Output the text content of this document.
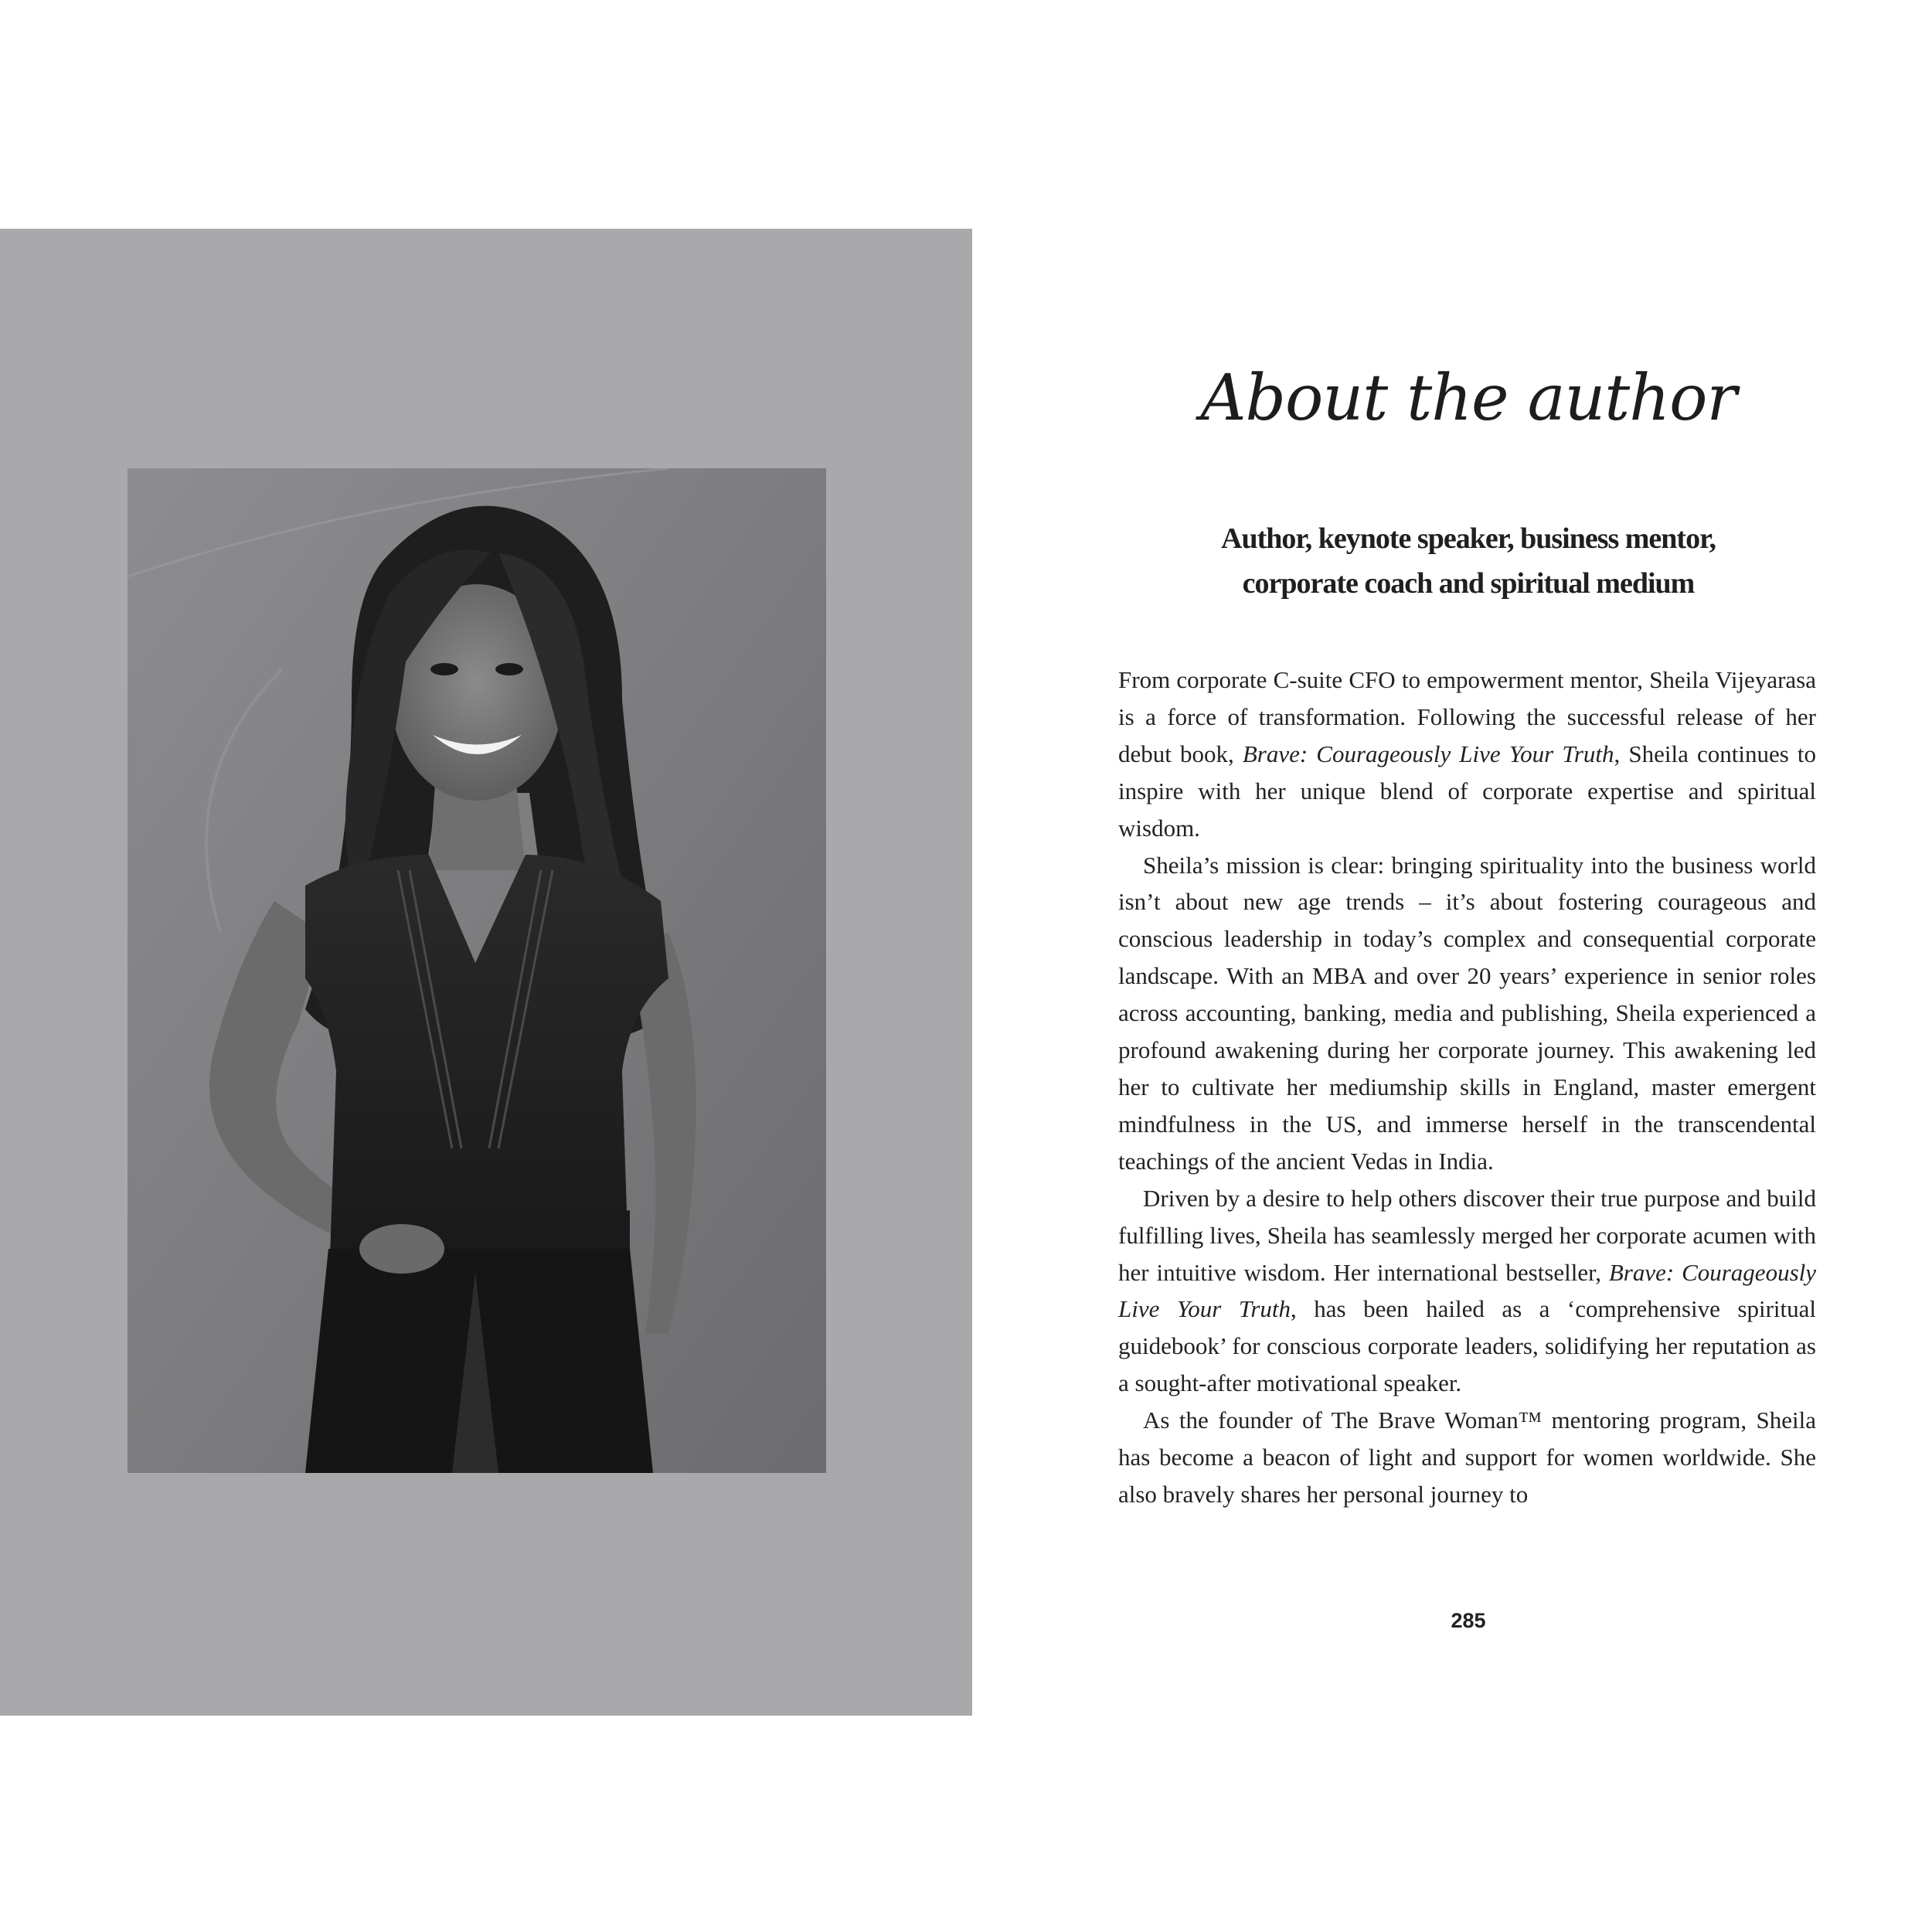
About the author
Author, keynote speaker, business mentor,
corporate coach and spiritual medium

From corporate C-suite CFO to empowerment mentor, Sheila Vijeyarasa is a force of transformation. Following the successful release of her debut book, Brave: Courageously Live Your Truth, Sheila continues to inspire with her unique blend of corporate expertise and spiritual wisdom.

Sheila’s mission is clear: bringing spirituality into the business world isn’t about new age trends – it’s about fostering courageous and conscious leadership in today’s complex and consequential corporate landscape. With an MBA and over 20 years’ experience in senior roles across accounting, banking, media and publishing, Sheila experienced a profound awakening during her corporate journey. This awakening led her to cultivate her mediumship skills in England, master emergent mindfulness in the US, and immerse herself in the transcendental teachings of the ancient Vedas in India.

Driven by a desire to help others discover their true purpose and build fulfilling lives, Sheila has seamlessly merged her corporate acumen with her intuitive wisdom. Her international bestseller, Brave: Courageously Live Your Truth, has been hailed as a ‘comprehensive spiritual guidebook’ for conscious corporate leaders, solidifying her reputation as a sought-after motivational speaker.

As the founder of The Brave Woman™ mentoring program, Sheila has become a beacon of light and support for women worldwide. She also bravely shares her personal journey to

285
